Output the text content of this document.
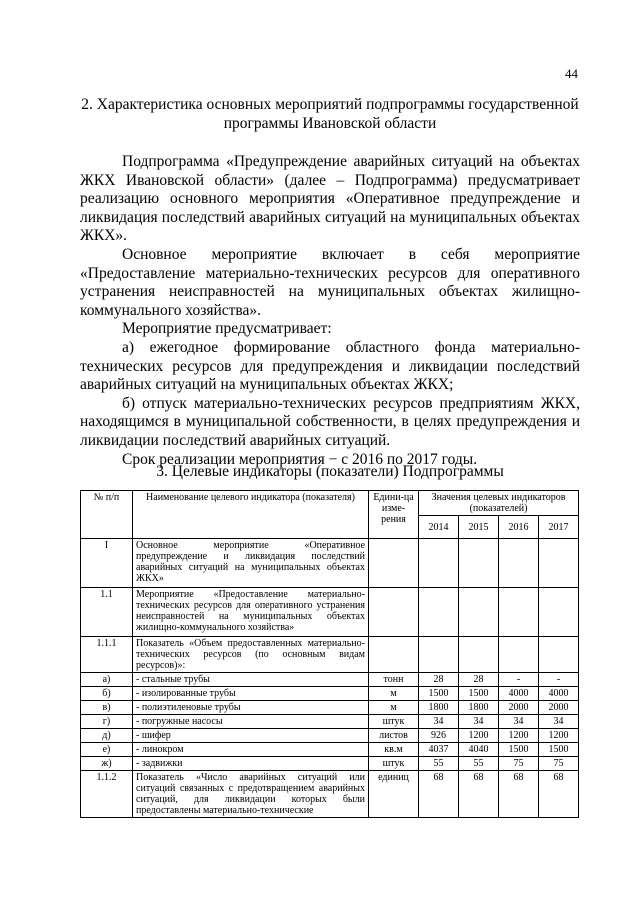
44
2. Характеристика основных мероприятий подпрограммы государственной программы Ивановской области

Подпрограмма «Предупреждение аварийных ситуаций на объектах ЖКХ Ивановской области» (далее – Подпрограмма) предусматривает реализацию основного мероприятия «Оперативное предупреждение и ликвидация последствий аварийных ситуаций на муниципальных объектах ЖКХ».

Основное мероприятие включает в себя мероприятие «Предоставление материально-технических ресурсов для оперативного устранения неисправностей на муниципальных объектах жилищно-коммунального хозяйства».

Мероприятие предусматривает:

а) ежегодное формирование областного фонда материально-технических ресурсов для предупреждения и ликвидации последствий аварийных ситуаций на муниципальных объектах ЖКХ;

б) отпуск материально-технических ресурсов предприятиям ЖКХ, находящимся в муниципальной собственности, в целях предупреждения и ликвидации последствий аварийных ситуаций.

Срок реализации мероприятия − с 2016 по 2017 годы.

3. Целевые индикаторы (показатели) Подпрограммы
№ п/п	Наименование целевого индикатора (показателя)	Едини-ца изме-рения	Значения целевых индикаторов (показателей)			
			2014	2015	2016	2017
I	Основное мероприятие «Оперативное предупреждение и ликвидация последствий аварийных ситуаций на муниципальных объектах ЖКХ»					
1.1	Мероприятие «Предоставление материально-технических ресурсов для оперативного устранения неисправностей на муниципальных объектах жилищно-коммунального хозяйства»					
1.1.1	Показатель «Объем предоставленных материально-технических ресурсов (по основным видам ресурсов)»:					
а)	- стальные трубы	тонн	28	28	-	-
б)	- изолированные трубы	м	1500	1500	4000	4000
в)	- полиэтиленовые трубы	м	1800	1800	2000	2000
г)	- погружные насосы	штук	34	34	34	34
д)	- шифер	листов	926	1200	1200	1200
е)	- линокром	кв.м	4037	4040	1500	1500
ж)	- задвижки	штук	55	55	75	75
1.1.2	Показатель «Число аварийных ситуаций или ситуаций связанных с предотвращением аварийных ситуаций, для ликвидации которых были предоставлены материально-технические	единиц	68	68	68	68
